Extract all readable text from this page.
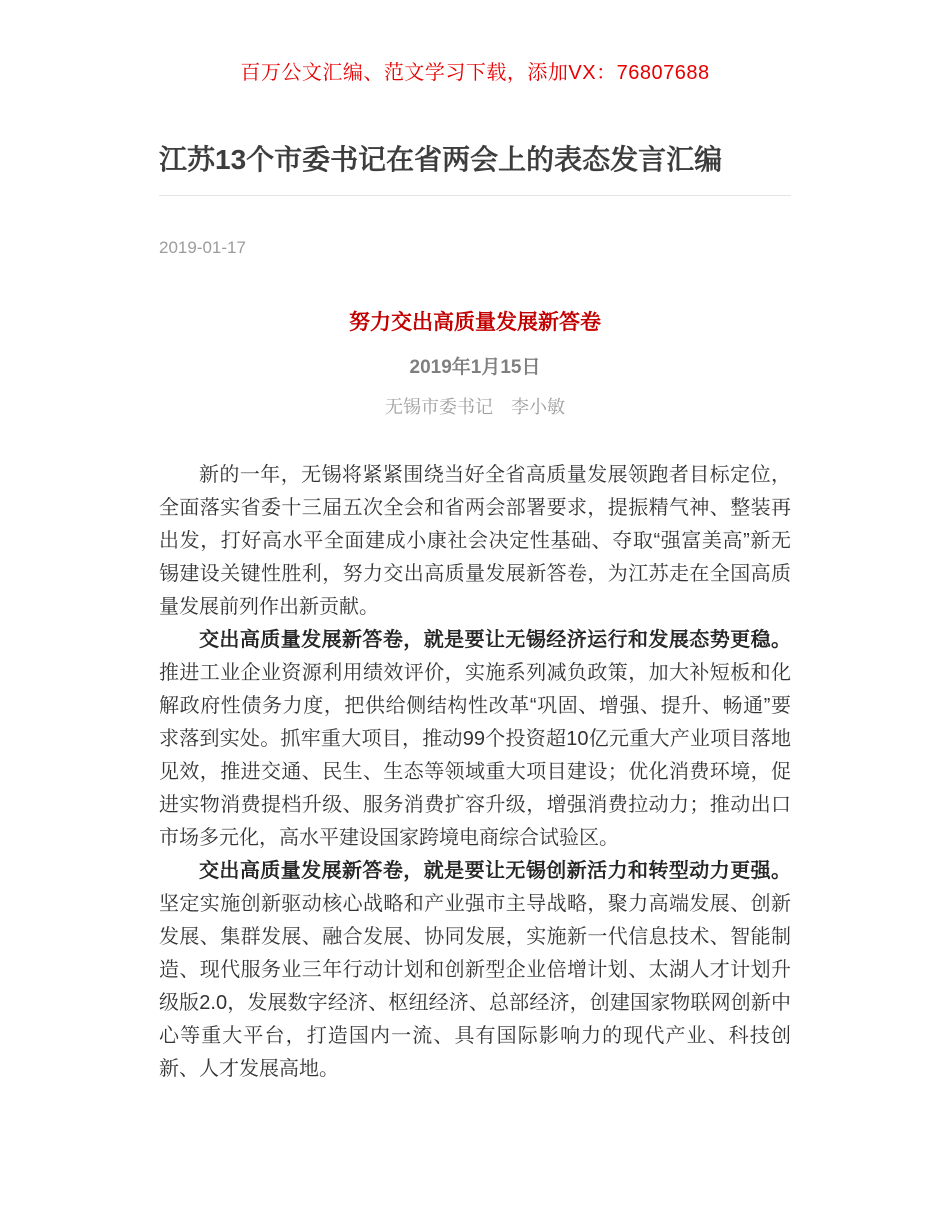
百万公文汇编、范文学习下载，添加VX：76807688
江苏13个市委书记在省两会上的表态发言汇编
2019-01-17
努力交出高质量发展新答卷
2019年1月15日
无锡市委书记　李小敏

新的一年，无锡将紧紧围绕当好全省高质量发展领跑者目标定位，全面落实省委十三届五次全会和省两会部署要求，提振精气神、整装再出发，打好高水平全面建成小康社会决定性基础、夺取“强富美高”新无锡建设关键性胜利，努力交出高质量发展新答卷，为江苏走在全国高质量发展前列作出新贡献。

交出高质量发展新答卷，就是要让无锡经济运行和发展态势更稳。推进工业企业资源利用绩效评价，实施系列减负政策，加大补短板和化解政府性债务力度，把供给侧结构性改革“巩固、增强、提升、畅通”要求落到实处。抓牢重大项目，推动99个投资超10亿元重大产业项目落地见效，推进交通、民生、生态等领域重大项目建设；优化消费环境，促进实物消费提档升级、服务消费扩容升级，增强消费拉动力；推动出口市场多元化，高水平建设国家跨境电商综合试验区。

交出高质量发展新答卷，就是要让无锡创新活力和转型动力更强。坚定实施创新驱动核心战略和产业强市主导战略，聚力高端发展、创新发展、集群发展、融合发展、协同发展，实施新一代信息技术、智能制造、现代服务业三年行动计划和创新型企业倍增计划、太湖人才计划升级版2.0，发展数字经济、枢纽经济、总部经济，创建国家物联网创新中心等重大平台，打造国内一流、具有国际影响力的现代产业、科技创新、人才发展高地。
